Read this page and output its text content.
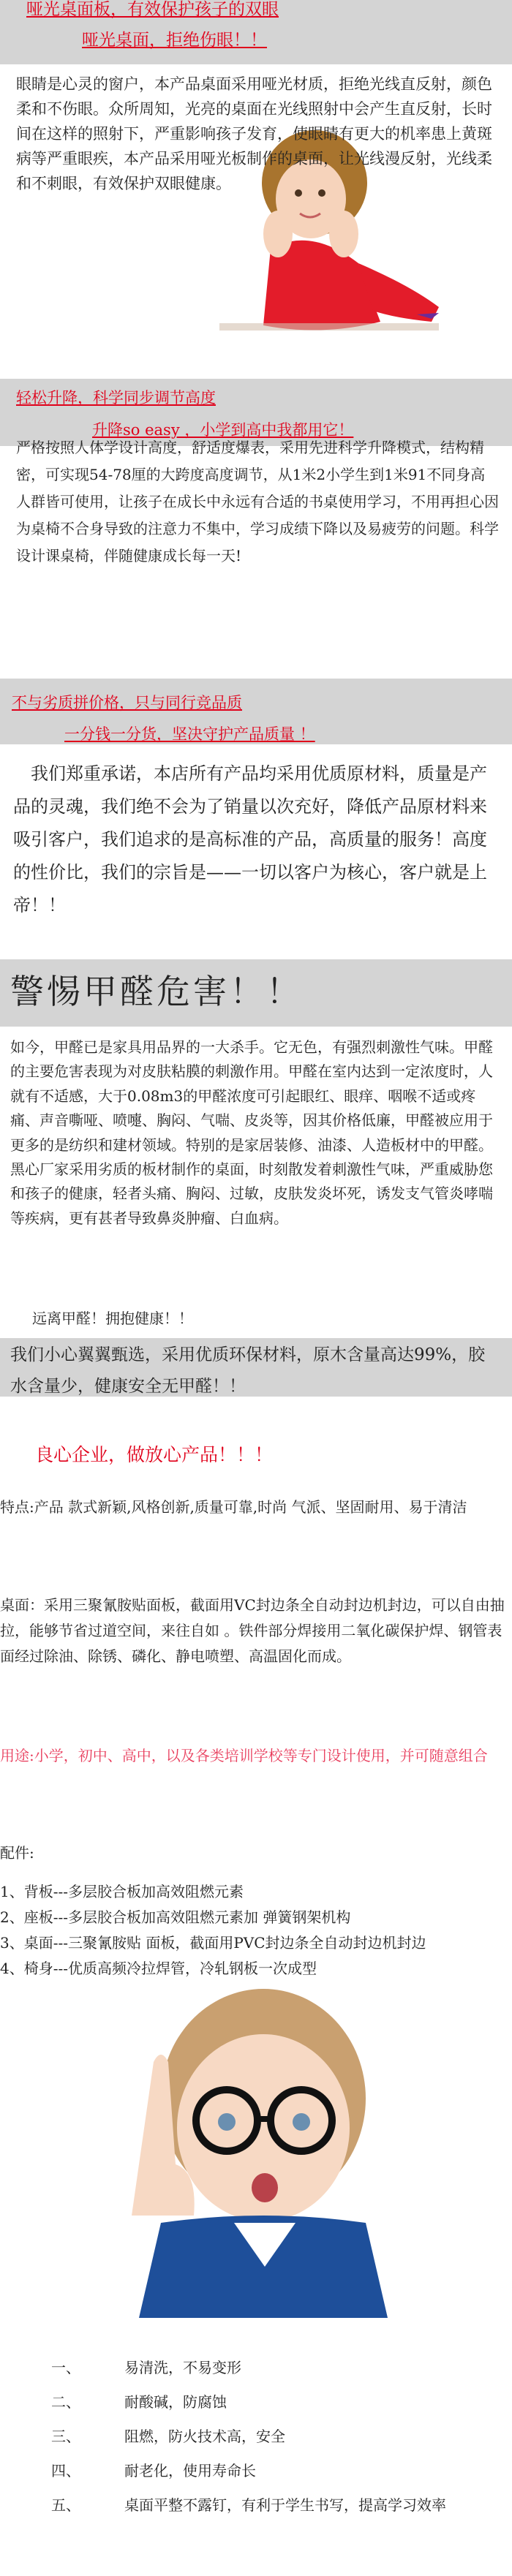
哑光桌面板，有效保护孩子的双眼
哑光桌面，拒绝伤眼！！
眼睛是心灵的窗户，本产品桌面采用哑光材质，拒绝光线直反射，颜色柔和不伤眼。众所周知，光亮的桌面在光线照射中会产生直反射，长时间在这样的照射下，严重影响孩子发育，使眼睛有更大的机率患上黄斑病等严重眼疾，本产品采用哑光板制作的桌面，让光线漫反射，光线柔和不刺眼，有效保护双眼健康。
轻松升降，科学同步调节高度
升降so easy ，小学到高中我都用它！
严格按照人体学设计高度，舒适度爆表，采用先进科学升降模式，结构精密，可实现54-78厘的大跨度高度调节，从1米2小学生到1米91不同身高人群皆可使用，让孩子在成长中永远有合适的书桌使用学习，不用再担心因为桌椅不合身导致的注意力不集中，学习成绩下降以及易疲劳的问题。科学设计课桌椅，伴随健康成长每一天!
不与劣质拼价格，只与同行竞品质
一分钱一分货，坚决守护产品质量 ！
我们郑重承诺，本店所有产品均采用优质原材料，质量是产品的灵魂，我们绝不会为了销量以次充好，降低产品原材料来吸引客户，我们追求的是高标准的产品，高质量的服务！高度的性价比，我们的宗旨是——一切以客户为核心，客户就是上帝！！
警惕甲醛危害！！
如今，甲醛已是家具用品界的一大杀手。它无色，有强烈刺激性气味。甲醛的主要危害表现为对皮肤粘膜的刺激作用。甲醛在室内达到一定浓度时，人就有不适感，大于0.08m3的甲醛浓度可引起眼红、眼痒、咽喉不适或疼痛、声音嘶哑、喷嚏、胸闷、气喘、皮炎等，因其价格低廉，甲醛被应用于更多的是纺织和建材领域。特别的是家居装修、油漆、人造板材中的甲醛。黑心厂家采用劣质的板材制作的桌面，时刻散发着刺激性气味，严重威胁您和孩子的健康，轻者头痛、胸闷、过敏，皮肤发炎坏死，诱发支气管炎哮喘等疾病，更有甚者导致鼻炎肿瘤、白血病。
远离甲醛！拥抱健康！！
我们小心翼翼甄选，采用优质环保材料，原木含量高达99%，胶水含量少，健康安全无甲醛！！
良心企业，做放心产品！！！
特点:产品 款式新颖,风格创新,质量可靠,时尚 气派、坚固耐用、易于清洁
桌面：采用三聚氰胺贴面板，截面用VC封边条全自动封边机封边，可以自由抽拉，能够节省过道空间，来往自如 。铁件部分焊接用二氧化碳保护焊、钢管表面经过除油、除锈、磷化、静电喷塑、高温固化而成。
用途:小学，初中、高中，以及各类培训学校等专门设计使用，并可随意组合
配件:
1、背板---多层胶合板加高效阻燃元素
2、座板---多层胶合板加高效阻燃元素加 弹簧钢架机构
3、桌面---三聚氰胺贴 面板，截面用PVC封边条全自动封边机封边
4、椅身---优质高频冷拉焊管，冷轧钢板一次成型
一、	易清洗，不易变形
二、	耐酸碱，防腐蚀
三、	阻燃，防火技术高，安全
四、	耐老化，使用寿命长
五、	桌面平整不露钉，有利于学生书写，提高学习效率
